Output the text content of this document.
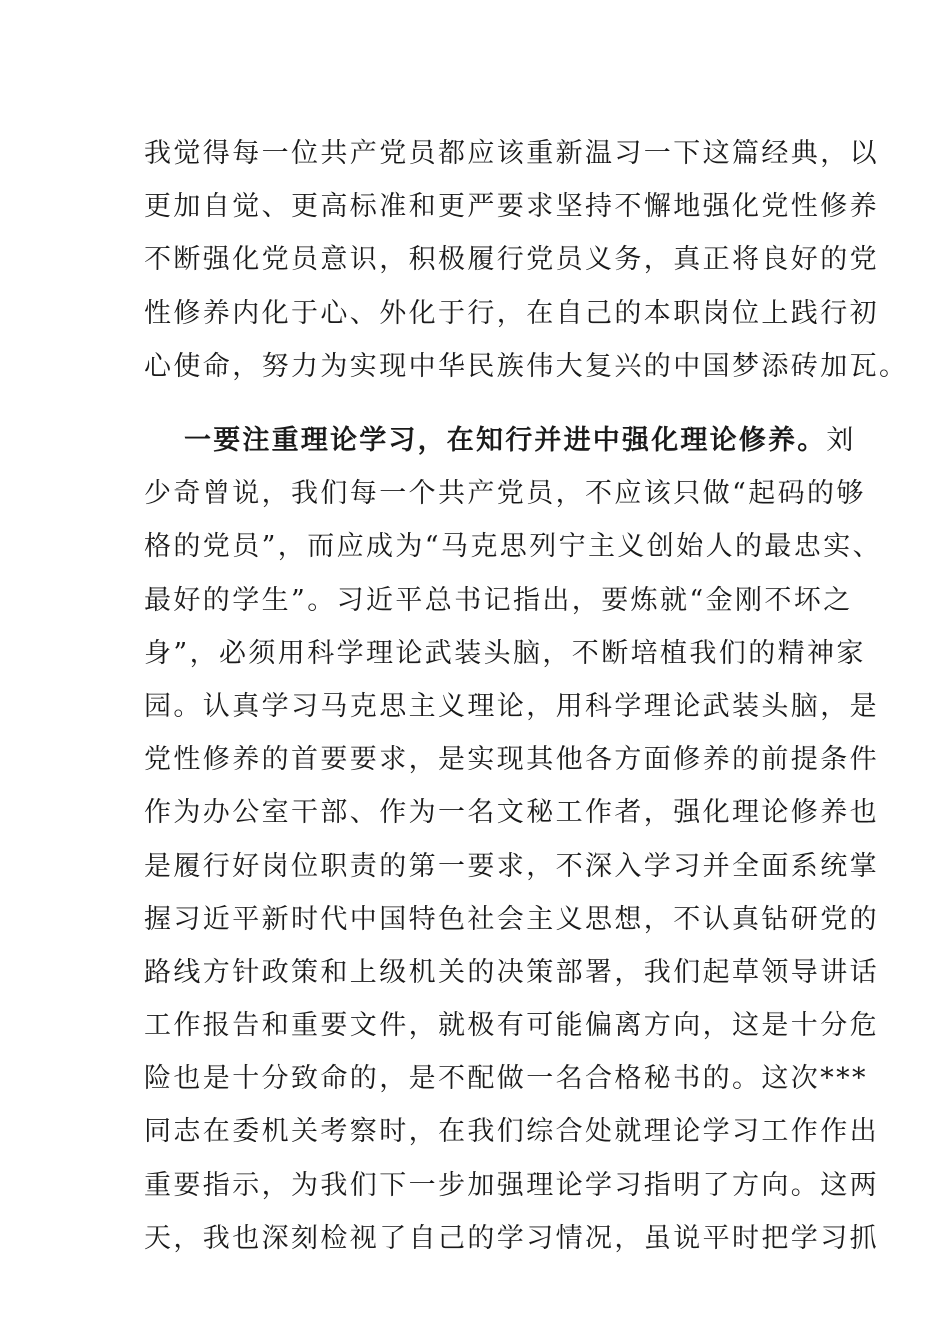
我觉得每一位共产党员都应该重新温习一下这篇经典，以
更加自觉、更高标准和更严要求坚持不懈地强化党性修养
不断强化党员意识，积极履行党员义务，真正将良好的党
性修养内化于心、外化于行，在自己的本职岗位上践行初
心使命，努力为实现中华民族伟大复兴的中国梦添砖加瓦。
一要注重理论学习，在知行并进中强化理论修养。刘
少奇曾说，我们每一个共产党员，不应该只做“起码的够
格的党员”，而应成为“马克思列宁主义创始人的最忠实、
最好的学生”。习近平总书记指出，要炼就“金刚不坏之
身”，必须用科学理论武装头脑，不断培植我们的精神家
园。认真学习马克思主义理论，用科学理论武装头脑，是
党性修养的首要要求，是实现其他各方面修养的前提条件
作为办公室干部、作为一名文秘工作者，强化理论修养也
是履行好岗位职责的第一要求，不深入学习并全面系统掌
握习近平新时代中国特色社会主义思想，不认真钻研党的
路线方针政策和上级机关的决策部署，我们起草领导讲话
工作报告和重要文件，就极有可能偏离方向，这是十分危
险也是十分致命的，是不配做一名合格秘书的。这次***
同志在委机关考察时，在我们综合处就理论学习工作作出
重要指示，为我们下一步加强理论学习指明了方向。这两
天，我也深刻检视了自己的学习情况，虽说平时把学习抓
